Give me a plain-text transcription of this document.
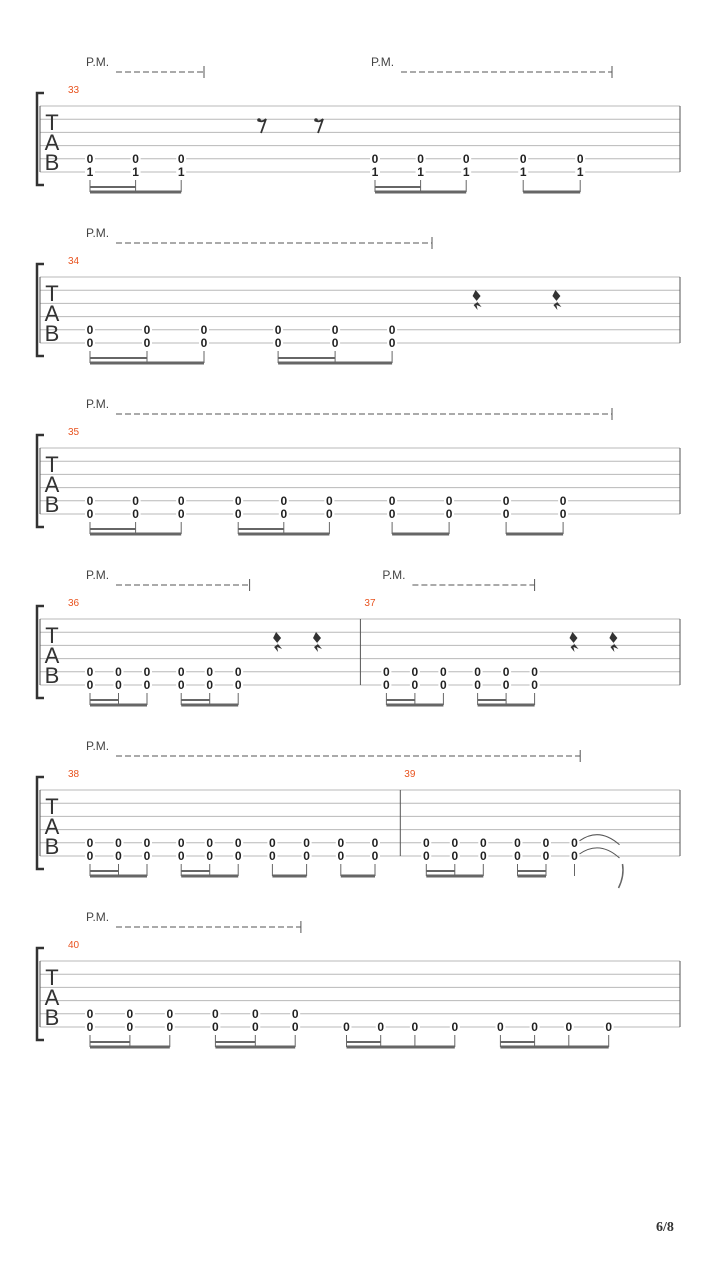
T
A
B
P.M.	P.M.
33
0
1
0
1
0
1
0
1
0
1
0
1
0
1
0
1
T
A
B
P.M.
34
0
0
0
0
0
0
0
0
0
0
0
0
T
A
B
P.M.
35
0
0
0
0
0
0
0
0
0
0
0
0
0
0
0
0
0
0
0
0
T
A
B
P.M.	P.M.
36
0
0
0
0
0
0
0
0
0
0
0
0
37
0
0
0
0
0
0
0
0
0
0
0
0
T
A
B
P.M.
38
0
0
0
0
0
0
0
0
0
0
0
0
0
0
0
0
0
0
0
0
39
0
0
0
0
0
0
0
0
0
0
0
0
T
A
B
P.M.
40
0
0
0
0
0
0
0
0
0
0
0
0	0 0 0	0	0 0 0	0
6/8
